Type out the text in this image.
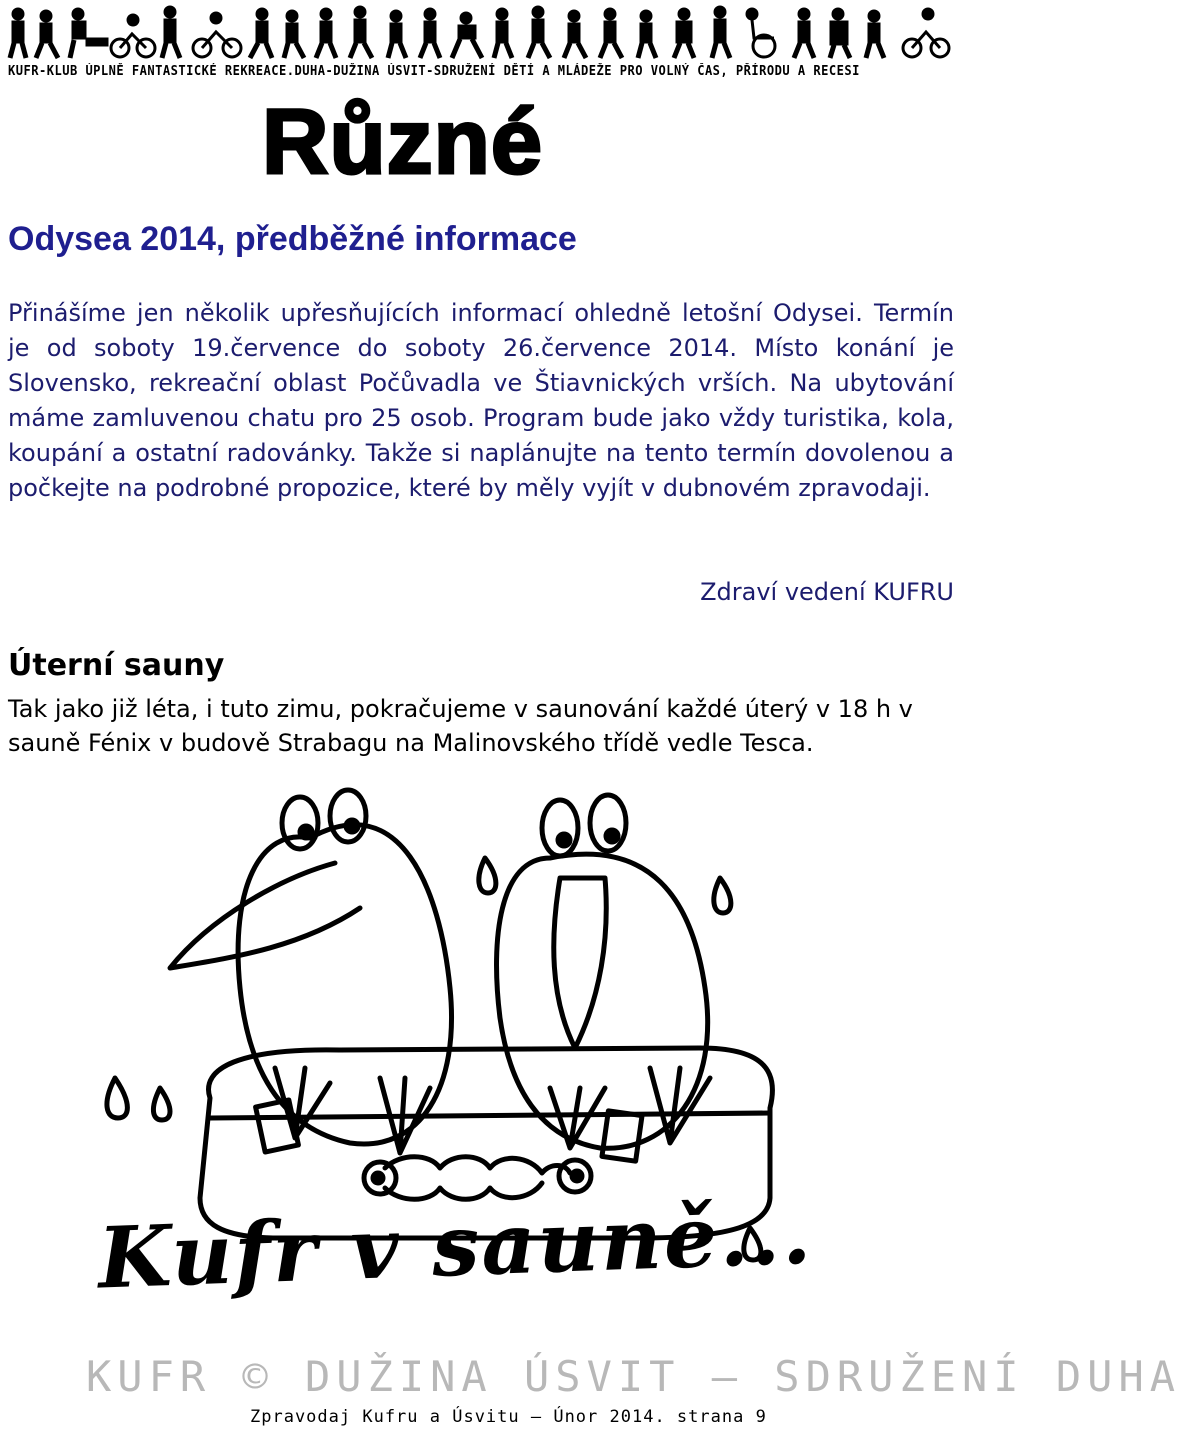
KUFR-KLUB ÚPLNĚ FANTASTICKÉ REKREACE.DUHA-DUŽINA ÚSVIT-SDRUŽENÍ DĚTÍ A MLÁDEŽE PRO VOLNÝ ČAS, PŘÍRODU A RECESI
Různé
Odysea 2014, předběžné informace
Přinášíme jen několik upřesňujících informací ohledně letošní Odysei. Termín je od soboty 19.července do soboty 26.července 2014. Místo konání je Slovensko, rekreační oblast Počůvadla ve Štiavnických vrších. Na ubytování máme zamluvenou chatu pro 25 osob. Program bude jako vždy turistika, kola, koupání a ostatní radovánky. Takže si naplánujte na tento termín dovolenou a počkejte na podrobné propozice, které by měly vyjít v dubnovém zpravodaji.
Zdraví vedení KUFRU
Úterní sauny
Tak jako již léta, i tuto zimu, pokračujeme v saunování každé úterý v 18 h v sauně Fénix v budově Strabagu na Malinovského třídě vedle Tesca.
Kufr v sauně...
KUFR © DUŽINA ÚSVIT – SDRUŽENÍ DUHA
Zpravodaj Kufru a Úsvitu – Únor 2014. strana 9
